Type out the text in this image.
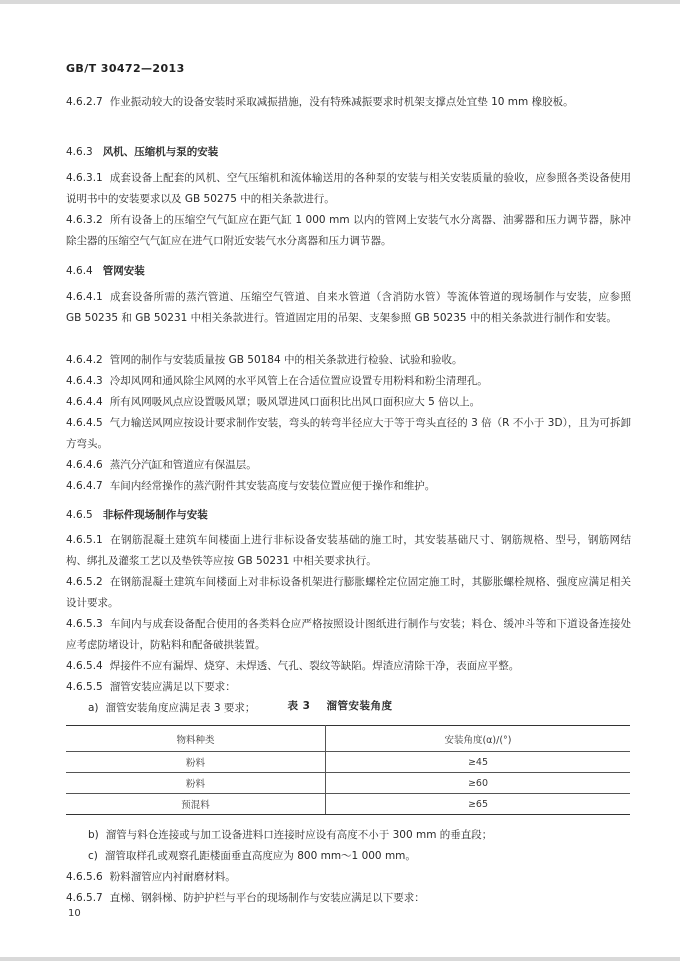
GB/T 30472—2013
4.6.2.7 作业振动较大的设备安装时采取减振措施，没有特殊减振要求时机架支撑点处宜垫 10 mm 橡胶板。
4.6.3 风机、压缩机与泵的安装
4.6.3.1 成套设备上配套的风机、空气压缩机和流体输送用的各种泵的安装与相关安装质量的验收，应参照各类设备使用说明书中的安装要求以及 GB 50275 中的相关条款进行。
4.6.3.2 所有设备上的压缩空气气缸应在距气缸 1 000 mm 以内的管网上安装气水分离器、油雾器和压力调节器，脉冲除尘器的压缩空气气缸应在进气口附近安装气水分离器和压力调节器。
4.6.4 管网安装
4.6.4.1 成套设备所需的蒸汽管道、压缩空气管道、自来水管道（含消防水管）等流体管道的现场制作与安装，应参照 GB 50235 和 GB 50231 中相关条款进行。管道固定用的吊架、支架参照 GB 50235 中的相关条款进行制作和安装。
4.6.4.2 管网的制作与安装质量按 GB 50184 中的相关条款进行检验、试验和验收。
4.6.4.3 冷却风网和通风除尘风网的水平风管上在合适位置应设置专用粉料和粉尘清理孔。
4.6.4.4 所有风网吸风点应设置吸风罩；吸风罩进风口面积比出风口面积应大 5 倍以上。
4.6.4.5 气力输送风网应按设计要求制作安装，弯头的转弯半径应大于等于弯头直径的 3 倍（R 不小于 3D），且为可拆卸方弯头。
4.6.4.6 蒸汽分汽缸和管道应有保温层。
4.6.4.7 车间内经常操作的蒸汽附件其安装高度与安装位置应便于操作和维护。
4.6.5 非标件现场制作与安装
4.6.5.1 在钢筋混凝土建筑车间楼面上进行非标设备安装基础的施工时，其安装基础尺寸、钢筋规格、型号，钢筋网结构、绑扎及灌浆工艺以及垫铁等应按 GB 50231 中相关要求执行。
4.6.5.2 在钢筋混凝土建筑车间楼面上对非标设备机架进行膨胀螺栓定位固定施工时，其膨胀螺栓规格、强度应满足相关设计要求。
4.6.5.3 车间内与成套设备配合使用的各类料仓应严格按照设计图纸进行制作与安装；料仓、缓冲斗等和下道设备连接处应考虑防堵设计，防粘料和配备破拱装置。
4.6.5.4 焊接件不应有漏焊、烧穿、未焊透、气孔、裂纹等缺陷。焊渣应清除干净，表面应平整。
4.6.5.5 溜管安装应满足以下要求：
a) 溜管安装角度应满足表 3 要求；	表 3 溜管安装角度
物料种类	安装角度(α)/(°)
粉料	≥45
粉料	≥60
预混料	≥65
b) 溜管与料仓连接或与加工设备进料口连接时应设有高度不小于 300 mm 的垂直段；
c) 溜管取样孔或观察孔距楼面垂直高度应为 800 mm～1 000 mm。
4.6.5.6 粉料溜管应内衬耐磨材料。
4.6.5.7 直梯、钢斜梯、防护护栏与平台的现场制作与安装应满足以下要求：
10
